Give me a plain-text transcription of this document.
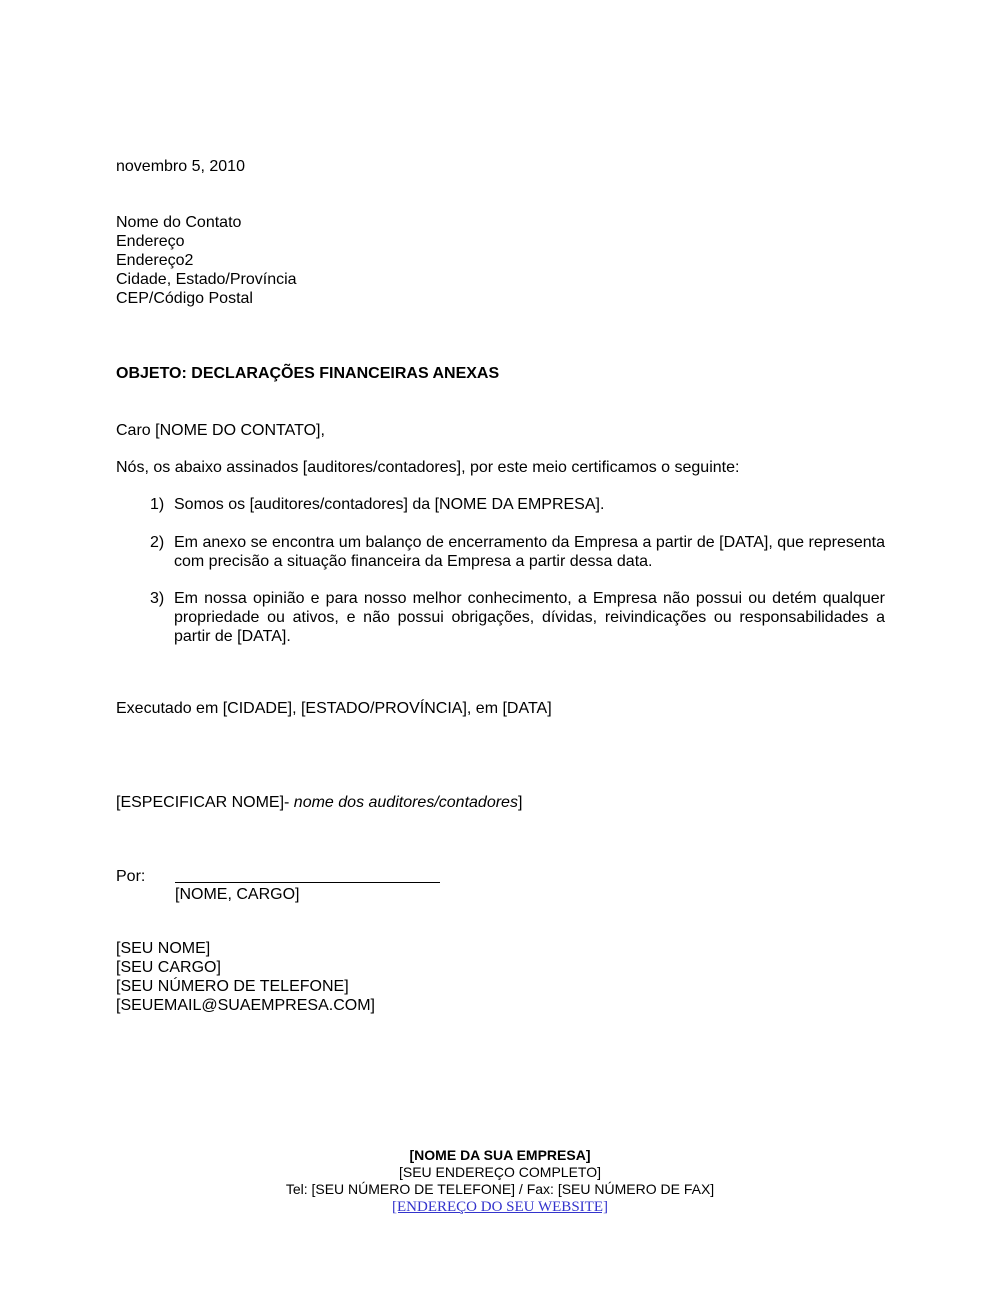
novembro 5, 2010
Nome do Contato
Endereço
Endereço2
Cidade, Estado/Província
CEP/Código Postal
OBJETO: DECLARAÇÕES FINANCEIRAS ANEXAS
Caro [NOME DO CONTATO],
Nós, os abaixo assinados [auditores/contadores], por este meio certificamos o seguinte:
1) Somos os [auditores/contadores] da [NOME DA EMPRESA].
2) Em anexo se encontra um balanço de encerramento da Empresa a partir de [DATA], que representa com precisão a situação financeira da Empresa a partir dessa data.
3) Em nossa opinião e para nosso melhor conhecimento, a Empresa não possui ou detém qualquer propriedade ou ativos, e não possui obrigações, dívidas, reivindicações ou responsabilidades a partir de [DATA].
Executado em [CIDADE], [ESTADO/PROVÍNCIA], em [DATA]
[ESPECIFICAR NOME]- nome dos auditores/contadores]
Por:
[NOME, CARGO]
[SEU NOME]
[SEU CARGO]
[SEU NÚMERO DE TELEFONE]
[SEUEMAIL@SUAEMPRESA.COM]
[NOME DA SUA EMPRESA]
[SEU ENDEREÇO COMPLETO]
Tel: [SEU NÚMERO DE TELEFONE] / Fax: [SEU NÚMERO DE FAX]
[ENDEREÇO DO SEU WEBSITE]
